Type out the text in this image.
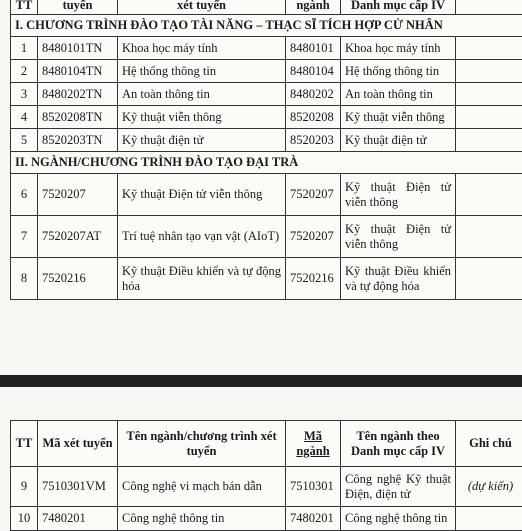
TT	tuyển	xét tuyển	ngành	Danh mục cấp IV	
I. CHƯƠNG TRÌNH ĐÀO TẠO TÀI NĂNG – THẠC SĨ TÍCH HỢP CỬ NHÂN					
1	8480101TN	Khoa học máy tính	8480101	Khoa học máy tính	
2	8480104TN	Hệ thống thông tin	8480104	Hệ thống thông tin	
3	8480202TN	An toàn thông tin	8480202	An toàn thông tin	
4	8520208TN	Kỹ thuật viễn thông	8520208	Kỹ thuật viễn thông	
5	8520203TN	Kỹ thuật điện tử	8520203	Kỹ thuật điện tử	
II. NGÀNH/CHƯƠNG TRÌNH ĐÀO TẠO ĐẠI TRÀ					
6	7520207	Kỹ thuật Điện tử viễn thông	7520207	Kỹ thuật Điện tử viễn thông	
7	7520207AT	Trí tuệ nhân tạo vạn vật (AIoT)	7520207	Kỹ thuật Điện tử viễn thông	
8	7520216	Kỹ thuật Điều khiển và tự động hóa	7520216	Kỹ thuật Điều khiển và tự động hóa	
TT	Mã xét tuyển	Tên ngành/chương trình xét tuyển	Mã ngành	Tên ngành theo Danh mục cấp IV	Ghi chú
9	7510301VM	Công nghệ vi mạch bán dẫn	7510301	Công nghệ Kỹ thuật Điện, điện tử	(dự kiến)
10	7480201	Công nghệ thông tin	7480201	Công nghệ thông tin	
